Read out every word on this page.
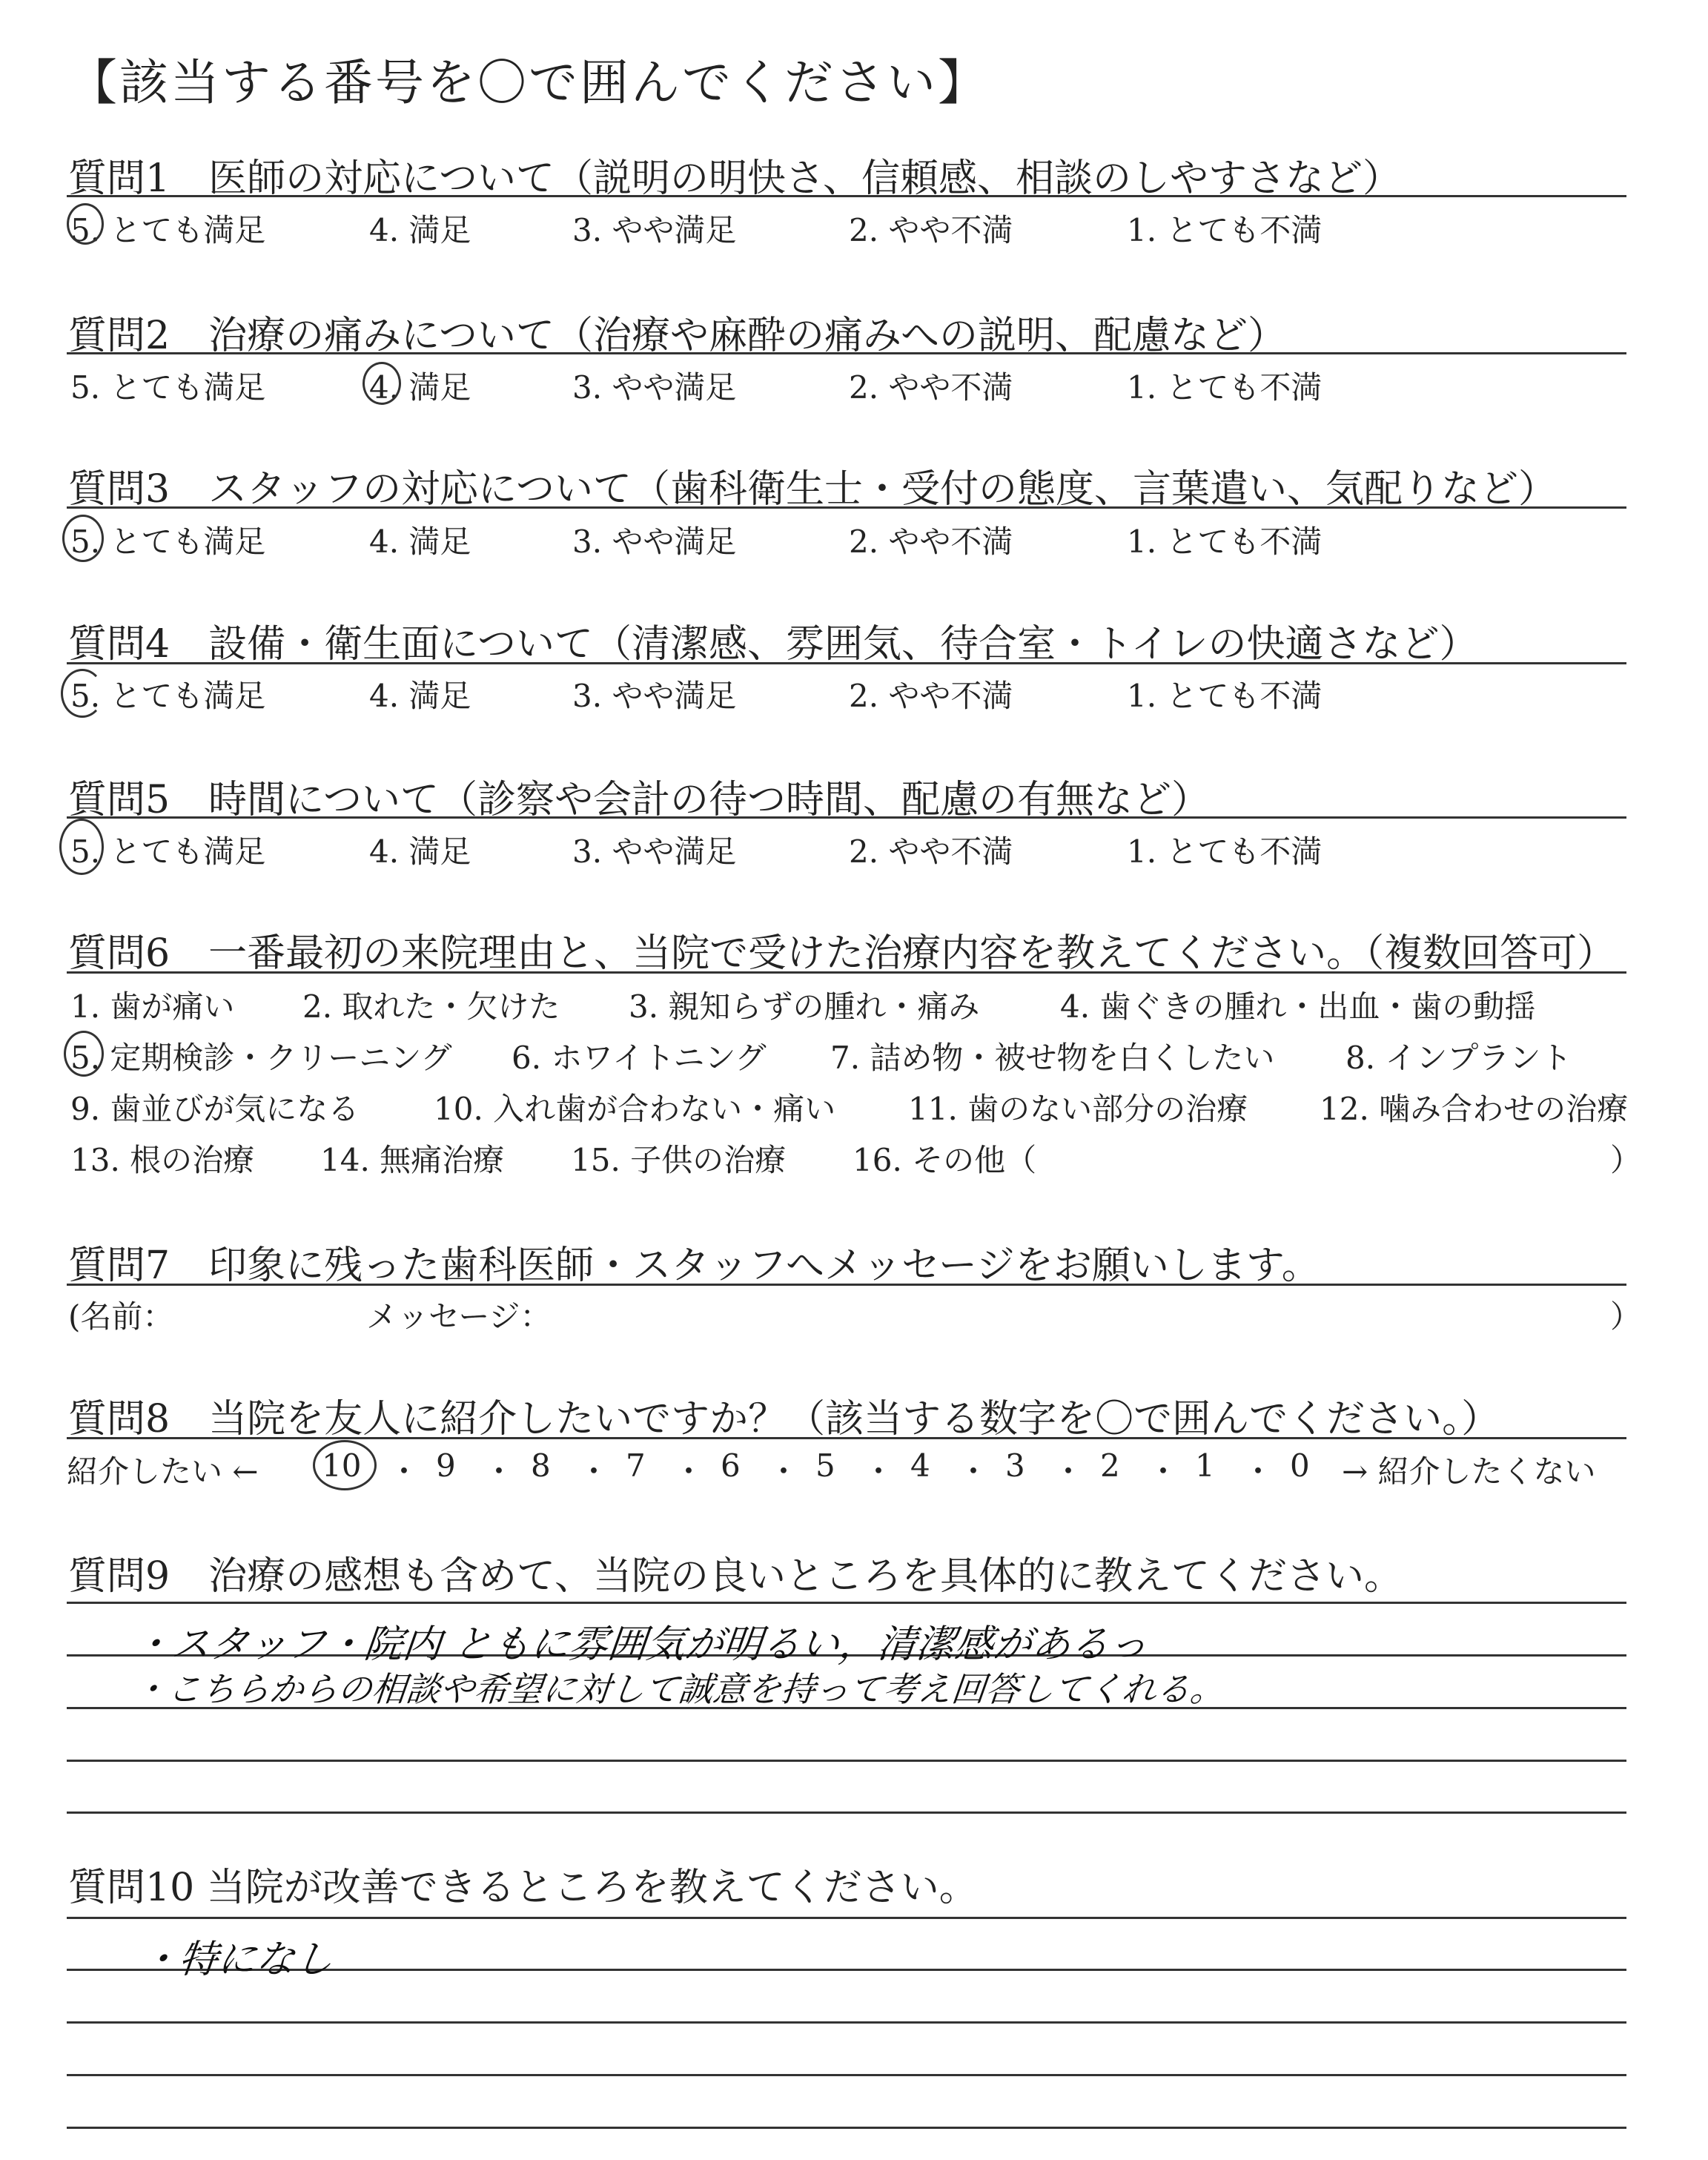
【該当する番号を〇で囲んでください】
質問1　医師の対応について（説明の明快さ、信頼感、相談のしやすさなど）
5. とても満足	4. 満足	3. やや満足	2. やや不満	1. とても不満
質問2　治療の痛みについて（治療や麻酔の痛みへの説明、配慮など）
5. とても満足	4. 満足	3. やや満足	2. やや不満	1. とても不満
質問3　スタッフの対応について（歯科衛生士・受付の態度、言葉遣い、気配りなど）
5. とても満足	4. 満足	3. やや満足	2. やや不満	1. とても不満
質問4　設備・衛生面について（清潔感、雰囲気、待合室・トイレの快適さなど）
5. とても満足	4. 満足	3. やや満足	2. やや不満	1. とても不満
質問5　時間について（診察や会計の待つ時間、配慮の有無など）
5. とても満足	4. 満足	3. やや満足	2. やや不満	1. とても不満
質問6　一番最初の来院理由と、当院で受けた治療内容を教えてください。（複数回答可）
1. 歯が痛い 2. 取れた・欠けた 3. 親知らずの腫れ・痛み	4. 歯ぐきの腫れ・出血・歯の動揺
5. 定期検診・クリーニング 6. ホワイトニング 7. 詰め物・被せ物を白くしたい 8. インプラント
9. 歯並びが気になる 10. 入れ歯が合わない・痛い 11. 歯のない部分の治療 12. 噛み合わせの治療
13. 根の治療 14. 無痛治療 15. 子供の治療 16. その他（	）
質問7　印象に残った歯科医師・スタッフへメッセージをお願いします。
(名前：	メッセージ：	）
質問8　当院を友人に紹介したいですか？（該当する数字を〇で囲んでください。）
紹介したい ← 10 ・ 9 ・ 8 ・ 7 ・ 6 ・ 5 ・ 4 ・ 3 ・ 2 ・ 1 ・ 0 → 紹介したくない
質問9　治療の感想も含めて、当院の良いところを具体的に教えてください。
・スタッフ・院内 ともに雰囲気が明るい，清潔感があるっ
・こちらからの相談や希望に対して誠意を持って考え回答してくれる。
質問10 当院が改善できるところを教えてください。
・特になし
